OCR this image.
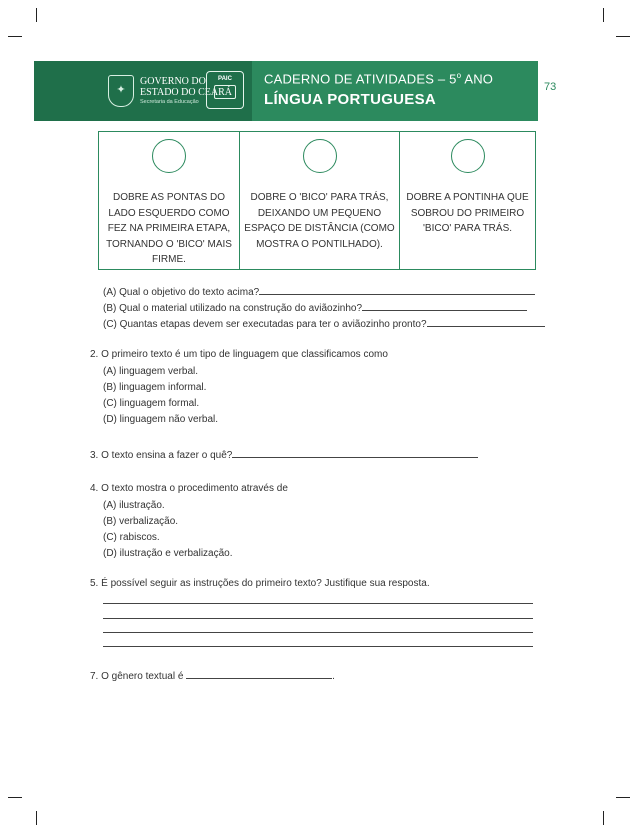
✦
GOVERNO DO
ESTADO DO CEARÁ
Secretaria da Educação
PAIC	CADERNO DE ATIVIDADES – 5$^o$ ANO
LÍNGUA PORTUGUESA
73
DOBRE AS PONTAS DO LADO ESQUERDO COMO FEZ NA PRIMEIRA ETAPA, TORNANDO O 'BICO' MAIS FIRME.
DOBRE O 'BICO' PARA TRÁS, DEIXANDO UM PEQUENO ESPAÇO DE DISTÂNCIA (COMO MOSTRA O PONTILHADO).
DOBRE A PONTINHA QUE SOBROU DO PRIMEIRO 'BICO' PARA TRÁS.
(A) Qual o objetivo do texto acima?
(B) Qual o material utilizado na construção do aviãozinho?
(C) Quantas etapas devem ser executadas para ter o aviãozinho pronto?
2. O primeiro texto é um tipo de linguagem que classificamos como
(A) linguagem verbal.
(B) linguagem informal.
(C) linguagem formal.
(D) linguagem não verbal.
3. O texto ensina a fazer o quê?
4. O texto mostra o procedimento através de
(A) ilustração.
(B) verbalização.
(C) rabiscos.
(D) ilustração e verbalização.
5. É possível seguir as instruções do primeiro texto? Justifique sua resposta.
7. O gênero textual é	.
